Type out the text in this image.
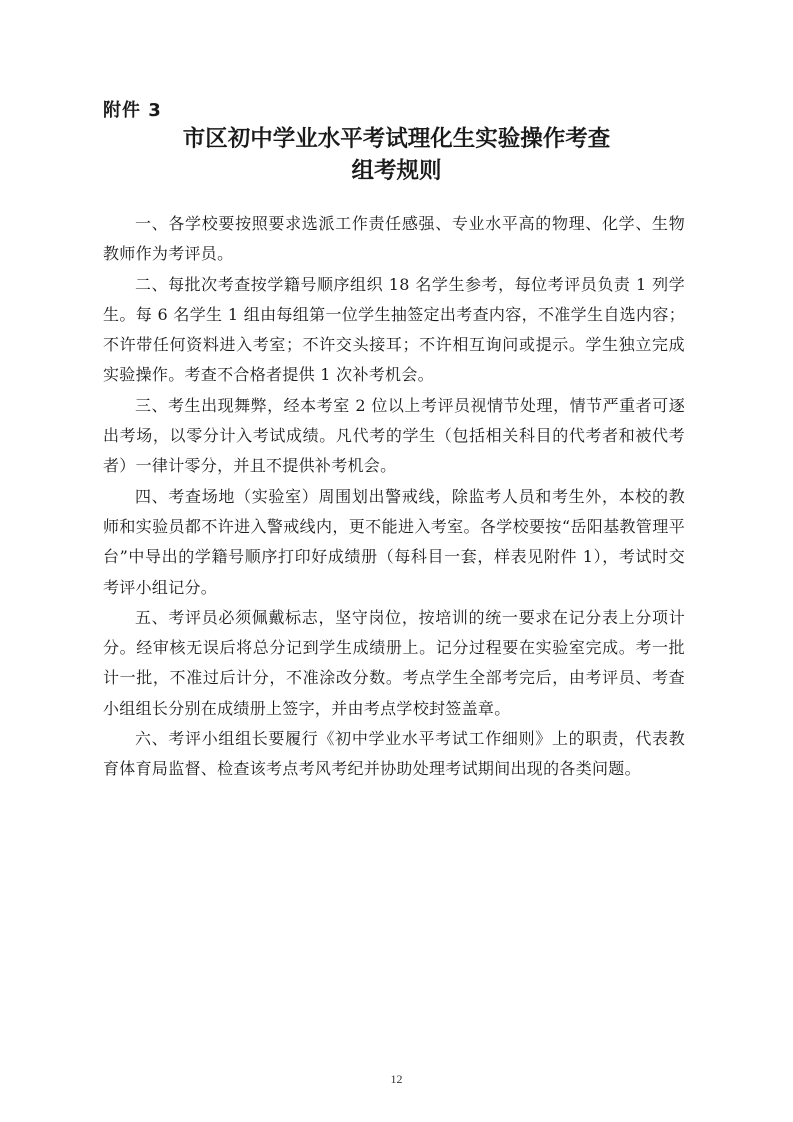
附件 3
市区初中学业水平考试理化生实验操作考查
组考规则

一、各学校要按照要求选派工作责任感强、专业水平高的物理、化学、生物教师作为考评员。

二、每批次考查按学籍号顺序组织 18 名学生参考，每位考评员负责 1 列学生。每 6 名学生 1 组由每组第一位学生抽签定出考查内容，不准学生自选内容；不许带任何资料进入考室；不许交头接耳；不许相互询问或提示。学生独立完成实验操作。考查不合格者提供 1 次补考机会。

三、考生出现舞弊，经本考室 2 位以上考评员视情节处理，情节严重者可逐出考场，以零分计入考试成绩。凡代考的学生（包括相关科目的代考者和被代考者）一律计零分，并且不提供补考机会。

四、考查场地（实验室）周围划出警戒线，除监考人员和考生外，本校的教师和实验员都不许进入警戒线内，更不能进入考室。各学校要按“岳阳基教管理平台”中导出的学籍号顺序打印好成绩册（每科目一套，样表见附件 1），考试时交考评小组记分。

五、考评员必须佩戴标志，坚守岗位，按培训的统一要求在记分表上分项计分。经审核无误后将总分记到学生成绩册上。记分过程要在实验室完成。考一批计一批，不准过后计分，不准涂改分数。考点学生全部考完后，由考评员、考查小组组长分别在成绩册上签字，并由考点学校封签盖章。

六、考评小组组长要履行《初中学业水平考试工作细则》上的职责，代表教育体育局监督、检查该考点考风考纪并协助处理考试期间出现的各类问题。

12
